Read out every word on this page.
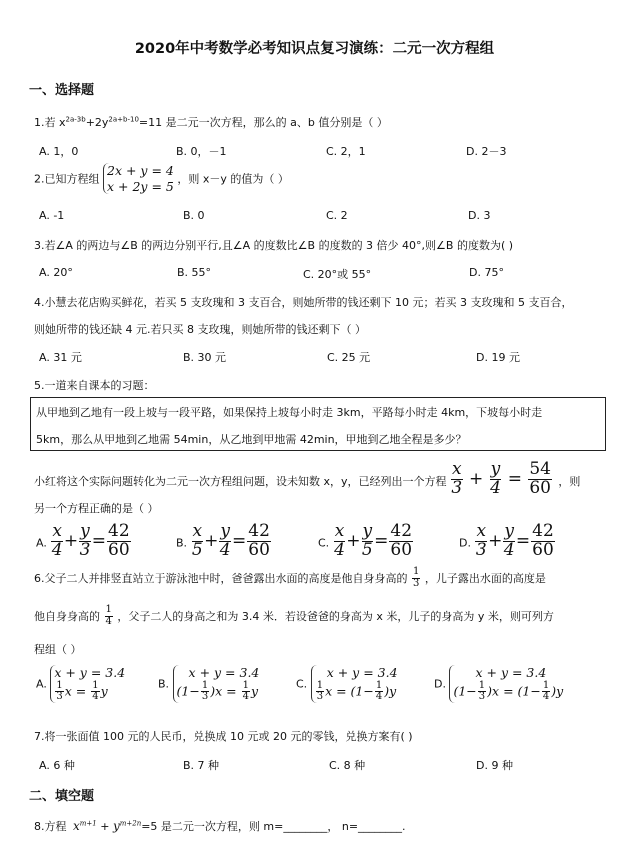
2020年中考数学必考知识点复习演练：二元一次方程组
一、选择题
1.若 $x^{2a-3b}+2y^{2a+b-10}=11$ 是二元一次方程，那么的 a、b 值分别是（ ）
A. 1，0	B. 0，－1	C. 2，1	D. 2－3
2.已知方程组
2x + y = 4
x + 2y = 5 ，则 x－y 的值为（ ）
A. -1	B. 0	C. 2	D. 3
3.若∠A 的两边与∠B 的两边分别平行,且∠A 的度数比∠B 的度数的 3 倍少 40°,则∠B 的度数为( )
A. 20°	B. 55°	C. 20°或 55°	D. 75°
4.小慧去花店购买鲜花，若买 5 支玫瑰和 3 支百合，则她所带的钱还剩下 10 元；若买 3 支玫瑰和 5 支百合，
则她所带的钱还缺 4 元.若只买 8 支玫瑰，则她所带的钱还剩下（ ）
A. 31 元	B. 30 元	C. 25 元	D. 19 元
5.一道来自课本的习题：
从甲地到乙地有一段上坡与一段平路，如果保持上坡每小时走 3km，平路每小时走 4km，下坡每小时走
5km，那么从甲地到乙地需 54min，从乙地到甲地需 42min，甲地到乙地全程是多少？
小红将这个实际问题转化为二元一次方程组问题，设未知数 x，y，已经列出一个方程 $\frac{x}{3} + \frac{y}{4} = \frac{54}{60}$ ，则
另一个方程正确的是（ ）
A. $\frac{x}{4} + \frac{y}{3} = \frac{42}{60}$	B. $\frac{x}{5} + \frac{y}{4} = \frac{42}{60}$	C. $\frac{x}{4} + \frac{y}{5} = \frac{42}{60}$	D. $\frac{x}{3} + \frac{y}{4} = \frac{42}{60}$
6.父子二人并排竖直站立于游泳池中时，爸爸露出水面的高度是他自身身高的 $\frac{1}{3}$ ，儿子露出水面的高度是
他自身身高的 $\frac{1}{4}$ ，父子二人的身高之和为 3.4 米．若设爸爸的身高为 x 米，儿子的身高为 y 米，则可列方
程组（ ）
A.
x + y = 3.4
$\frac{1}{3}$ $x = \frac{1}{4}$ y	B.
x + y = 3.4
$(1- \frac{1}{3} )x = \frac{1}{4}$ y	C.
x + y = 3.4
$\frac{1}{3}$ $x = (1- \frac{1}{4} )y$	D.
x + y = 3.4
$(1- \frac{1}{3} )x = (1- \frac{1}{4} )y$
7.将一张面值 100 元的人民币，兑换成 10 元或 20 元的零钱，兑换方案有( )
A. 6 种	B. 7 种	C. 8 种	D. 9 种
二、填空题
8.方程 $x^{m+1} + y^{m+2n}=5$ 是二元一次方程，则 m=________， n=________.
